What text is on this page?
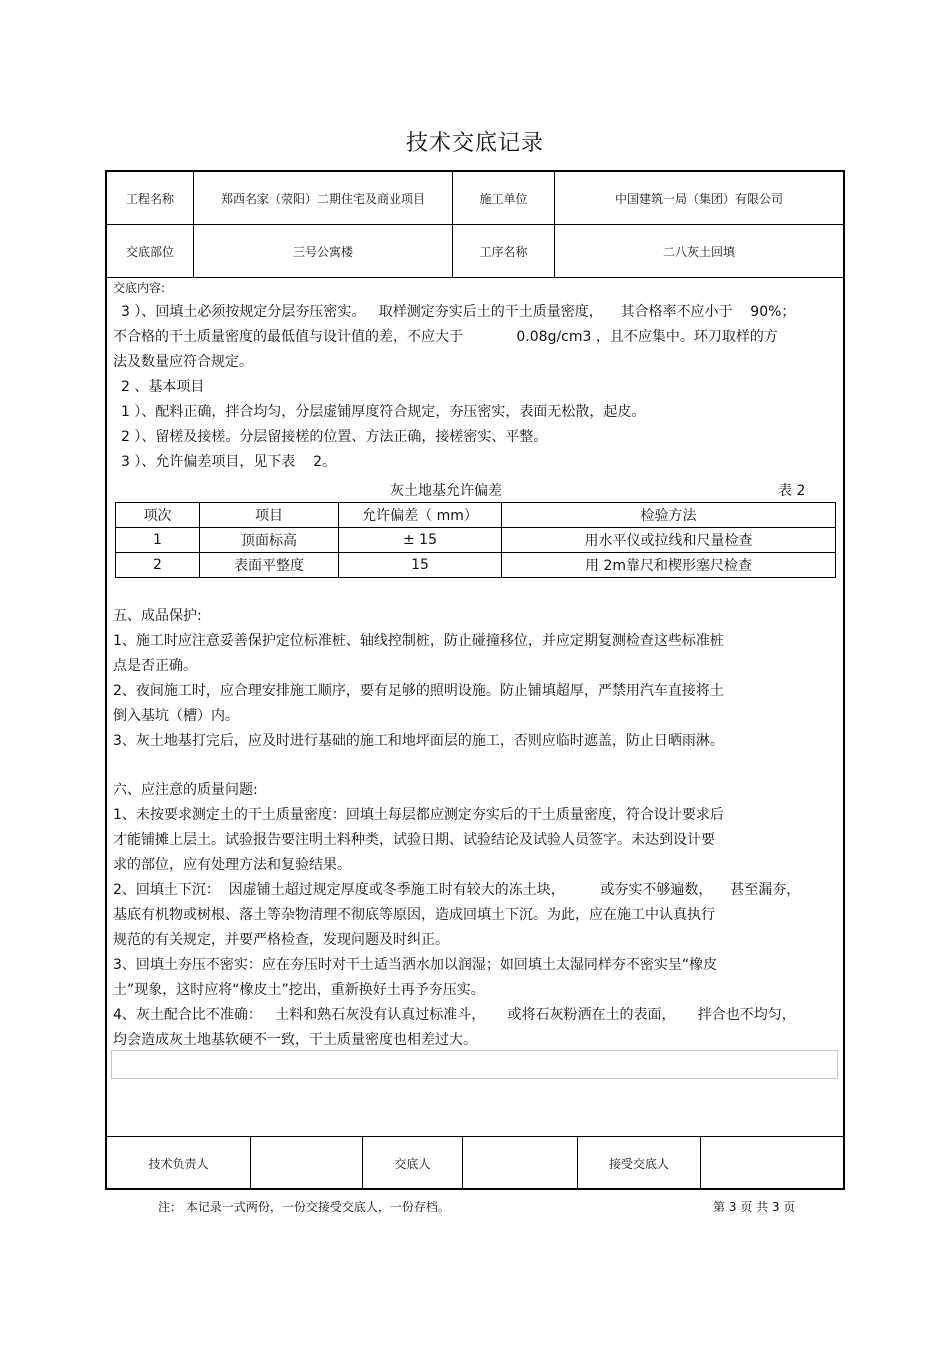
技术交底记录
工程名称	郑西名家（荥阳）二期住宅及商业项目	施工单位	中国建筑一局（集团）有限公司
交底部位	三号公寓楼	工序名称	二八灰土回填
交底内容:
3 ）、回填土必须按规定分层夯压密实。   取样测定夯实后土的干土质量密度，    其合格率不应小于    90%；
不合格的干土质量密度的最低值与设计值的差，不应大于            0.08g/cm3 ，且不应集中。环刀取样的方
法及数量应符合规定。
2 、基本项目
1 ）、配料正确，拌合均匀，分层虚铺厚度符合规定，夯压密实，表面无松散，起皮。
2 ）、留槎及接槎。分层留接槎的位置、方法正确，接槎密实、平整。
3 ）、允许偏差项目，见下表    2。
灰土地基允许偏差	表 2
项次	项目	允许偏差（ mm）	检验方法
1	顶面标高	± 15	用水平仪或拉线和尺量检查
2	表面平整度	15	用 2m靠尺和楔形塞尺检查
五、成品保护:
1、施工时应注意妥善保护定位标准桩、轴线控制桩，防止碰撞移位，并应定期复测检查这些标准桩
点是否正确。
2、夜间施工时，应合理安排施工顺序，要有足够的照明设施。防止铺填超厚，严禁用汽车直接将土
倒入基坑（槽）内。
3、灰土地基打完后，应及时进行基础的施工和地坪面层的施工，否则应临时遮盖，防止日晒雨淋。
六、应注意的质量问题:
1、未按要求测定土的干土质量密度：回填土每层都应测定夯实后的干土质量密度，符合设计要求后
才能铺摊上层土。试验报告要注明土料种类，试验日期、试验结论及试验人员签字。未达到设计要
求的部位，应有处理方法和复验结果。
2、回填土下沉：  因虚铺土超过规定厚度或冬季施工时有较大的冻土块，        或夯实不够遍数，    甚至漏夯，
基底有机物或树根、落土等杂物清理不彻底等原因，造成回填土下沉。为此，应在施工中认真执行
规范的有关规定，并要严格检查，发现问题及时纠正。
3、回填土夯压不密实：应在夯压时对干土适当洒水加以润湿；如回填土太湿同样夯不密实呈“橡皮
土”现象，这时应将“橡皮土”挖出，重新换好土再予夯压实。
4、灰土配合比不准确：   土料和熟石灰没有认真过标准斗，     或将石灰粉洒在土的表面，     拌合也不均匀，
均会造成灰土地基软硬不一致，干土质量密度也相差过大。
技术负责人	交底人	接受交底人
注： 本记录一式两份，一份交接受交底人，一份存档。	第 3 页 共 3 页
